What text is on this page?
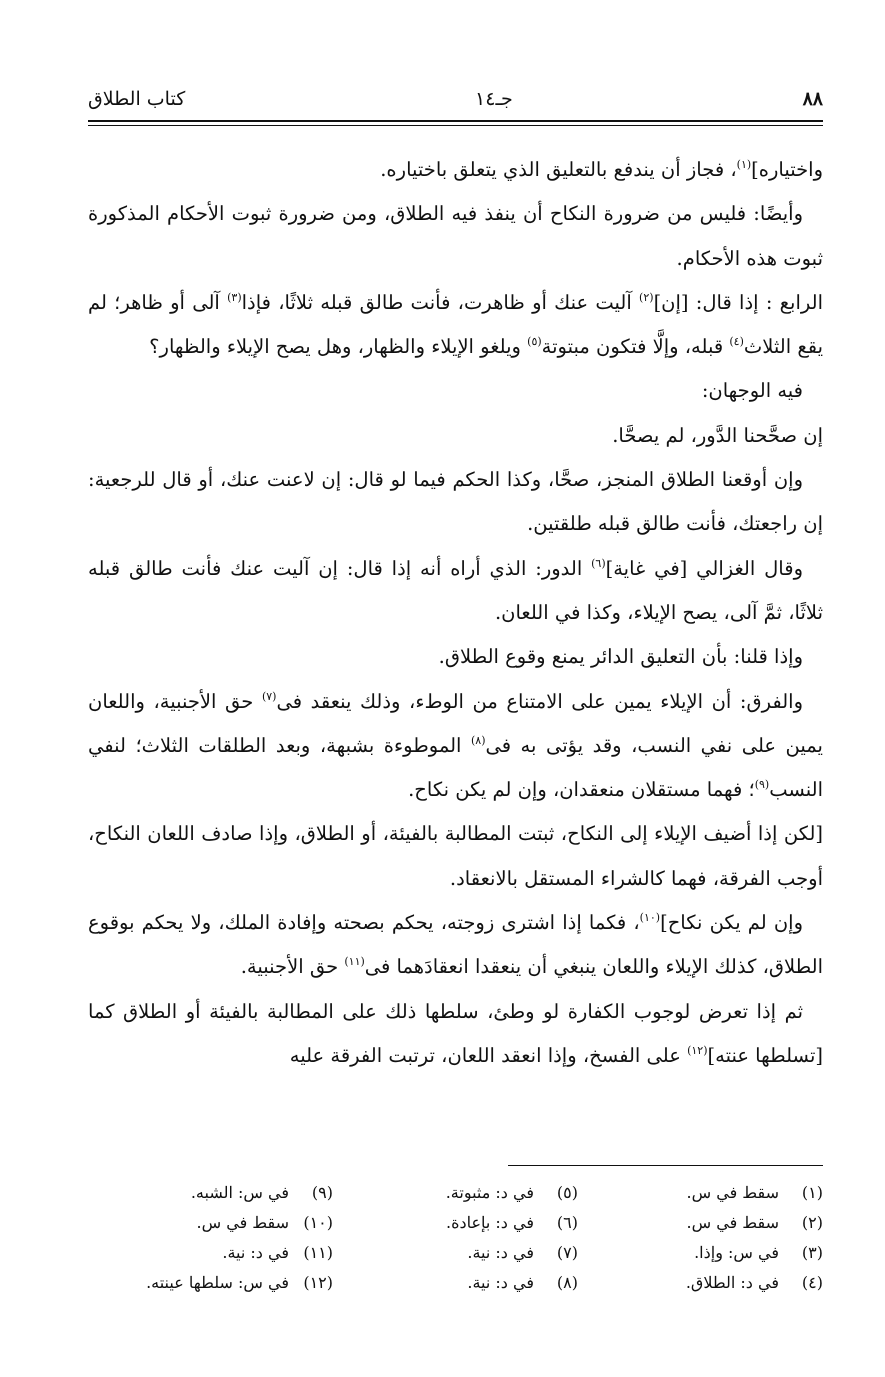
٨٨
جـ١٤
كتاب الطلاق

واختياره]$^{(١)}$، فجاز أن يندفع بالتعليق الذي يتعلق باختياره.

وأيضًا: فليس من ضرورة النكاح أن ينفذ فيه الطلاق، ومن ضرورة ثبوت الأحكام المذكورة ثبوت هذه الأحكام.

الرابع : إذا قال: [إن]$^{(٢)}$ آليت عنك أو ظاهرت، فأنت طالق قبله ثلاثًا، فإذا$^{(٣)}$ آلى أو ظاهر؛ لم يقع الثلاث$^{(٤)}$ قبله، وإلَّا فتكون مبتوتة$^{(٥)}$ ويلغو الإيلاء والظهار، وهل يصح الإيلاء والظهار؟

فيه الوجهان:

إن صحَّحنا الدَّور، لم يصحَّا.

وإن أوقعنا الطلاق المنجز، صحَّا، وكذا الحكم فيما لو قال: إن لاعنت عنك، أو قال للرجعية: إن راجعتك، فأنت طالق قبله طلقتين.

وقال الغزالي [في غاية]$^{(٦)}$ الدور: الذي أراه أنه إذا قال: إن آليت عنك فأنت طالق قبله ثلاثًا، ثمَّ آلى، يصح الإيلاء، وكذا في اللعان.

وإذا قلنا: بأن التعليق الدائر يمنع وقوع الطلاق.

والفرق: أن الإيلاء يمين على الامتناع من الوطء، وذلك ينعقد فى$^{(٧)}$ حق الأجنبية، واللعان يمين على نفي النسب، وقد يؤتى به فى$^{(٨)}$ الموطوءة بشبهة، وبعد الطلقات الثلاث؛ لنفي النسب$^{(٩)}$؛ فهما مستقلان منعقدان، وإن لم يكن نكاح.

[لكن إذا أضيف الإيلاء إلى النكاح، ثبتت المطالبة بالفيئة، أو الطلاق، وإذا صادف اللعان النكاح، أوجب الفرقة، فهما كالشراء المستقل بالانعقاد.

وإن لم يكن نكاح]$^{(١٠)}$، فكما إذا اشترى زوجته، يحكم بصحته وإفادة الملك، ولا يحكم بوقوع الطلاق، كذلك الإيلاء واللعان ينبغي أن ينعقدا انعقادَهما فى$^{(١١)}$ حق الأجنبية.

ثم إذا تعرض لوجوب الكفارة لو وطئ، سلطها ذلك على المطالبة بالفيئة أو الطلاق كما [تسلطها عنته]$^{(١٢)}$ على الفسخ، وإذا انعقد اللعان، ترتبت الفرقة عليه

(١)سقط في س.
(٢)سقط في س.
(٣)في س: وإذا.
(٤)في د: الطلاق.
(٥)في د: مثبوتة.
(٦)في د: بإعادة.
(٧)في د: نية.
(٨)في د: نية.
(٩)في س: الشبه.
(١٠)سقط في س.
(١١)في د: نية.
(١٢)في س: سلطها عينته.
